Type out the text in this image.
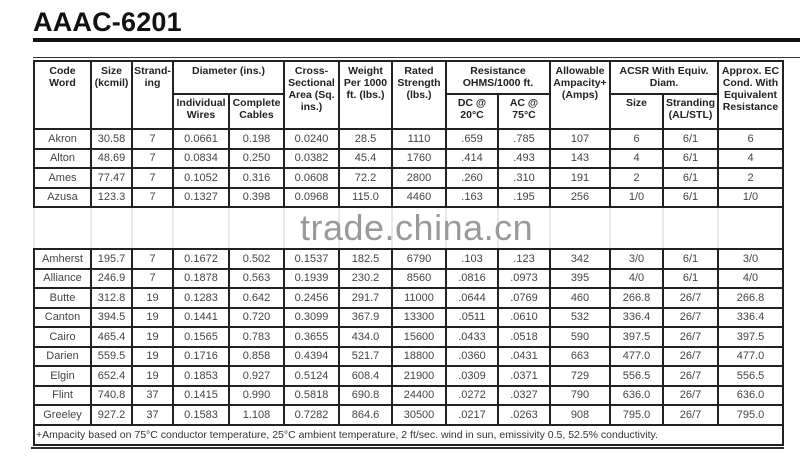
AAAC-6201
Code Word	Size (kcmil)	Strand-ing	Diameter (ins.)		Cross-Sectional Area (Sq. ins.)	Weight Per 1000 ft. (lbs.)	Rated Strength (lbs.)	Resistance OHMS/1000 ft.		Allowable Ampacity+ (Amps)	ACSR With Equiv. Diam.		Approx. EC Cond. With Equivalent Resistance
			Individual Wires	Complete Cables				DC @ 20°C	AC @ 75°C		Size	Stranding (AL/STL)	
Akron	30.58	7	0.0661	0.198	0.0240	28.5	1110	.659	.785	107	6	6/1	6
Alton	48.69	7	0.0834	0.250	0.0382	45.4	1760	.414	.493	143	4	6/1	4
Ames	77.47	7	0.1052	0.316	0.0608	72.2	2800	.260	.310	191	2	6/1	2
Azusa	123.3	7	0.1327	0.398	0.0968	115.0	4460	.163	.195	256	1/0	6/1	1/0

Amherst	195.7	7	0.1672	0.502	0.1537	182.5	6790	.103	.123	342	3/0	6/1	3/0
Alliance	246.9	7	0.1878	0.563	0.1939	230.2	8560	.0816	.0973	395	4/0	6/1	4/0
Butte	312.8	19	0.1283	0.642	0.2456	291.7	11000	.0644	.0769	460	266.8	26/7	266.8
Canton	394.5	19	0.1441	0.720	0.3099	367.9	13300	.0511	.0610	532	336.4	26/7	336.4
Cairo	465.4	19	0.1565	0.783	0.3655	434.0	15600	.0433	.0518	590	397.5	26/7	397.5
Darien	559.5	19	0.1716	0.858	0.4394	521.7	18800	.0360	.0431	663	477.0	26/7	477.0
Elgin	652.4	19	0.1853	0.927	0.5124	608.4	21900	.0309	.0371	729	556.5	26/7	556.5
Flint	740.8	37	0.1415	0.990	0.5818	690.8	24400	.0272	.0327	790	636.0	26/7	636.0
Greeley	927.2	37	0.1583	1.108	0.7282	864.6	30500	.0217	.0263	908	795.0	26/7	795.0
+Ampacity based on 75°C conductor temperature, 25°C ambient temperature, 2 ft/sec. wind in sun, emissivity 0.5, 52.5% conductivity.													
trade.china.cn
